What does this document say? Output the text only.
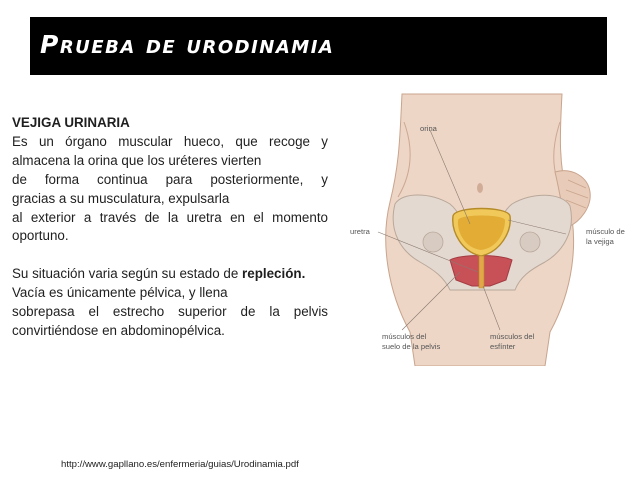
Prueba de urodinamia

VEJIGA URINARIA

Es un órgano muscular hueco, que recoge y
almacena la orina que los uréteres vierten
de forma continua para posteriormente, y
gracias a su musculatura, expulsarla
al exterior a través de la uretra en el momento
oportuno.

Su situación varia según su estado de repleción.
Vacía es únicamente pélvica, y llena
sobrepasa el estrecho superior de la pelvis
convirtiéndose en abdominopélvica.

orina
uretra	músculo de
la vejiga
músculos del
suelo de la pelvis
músculos del
esfínter
http://www.gapllano.es/enfermeria/guias/Urodinamia.pdf
